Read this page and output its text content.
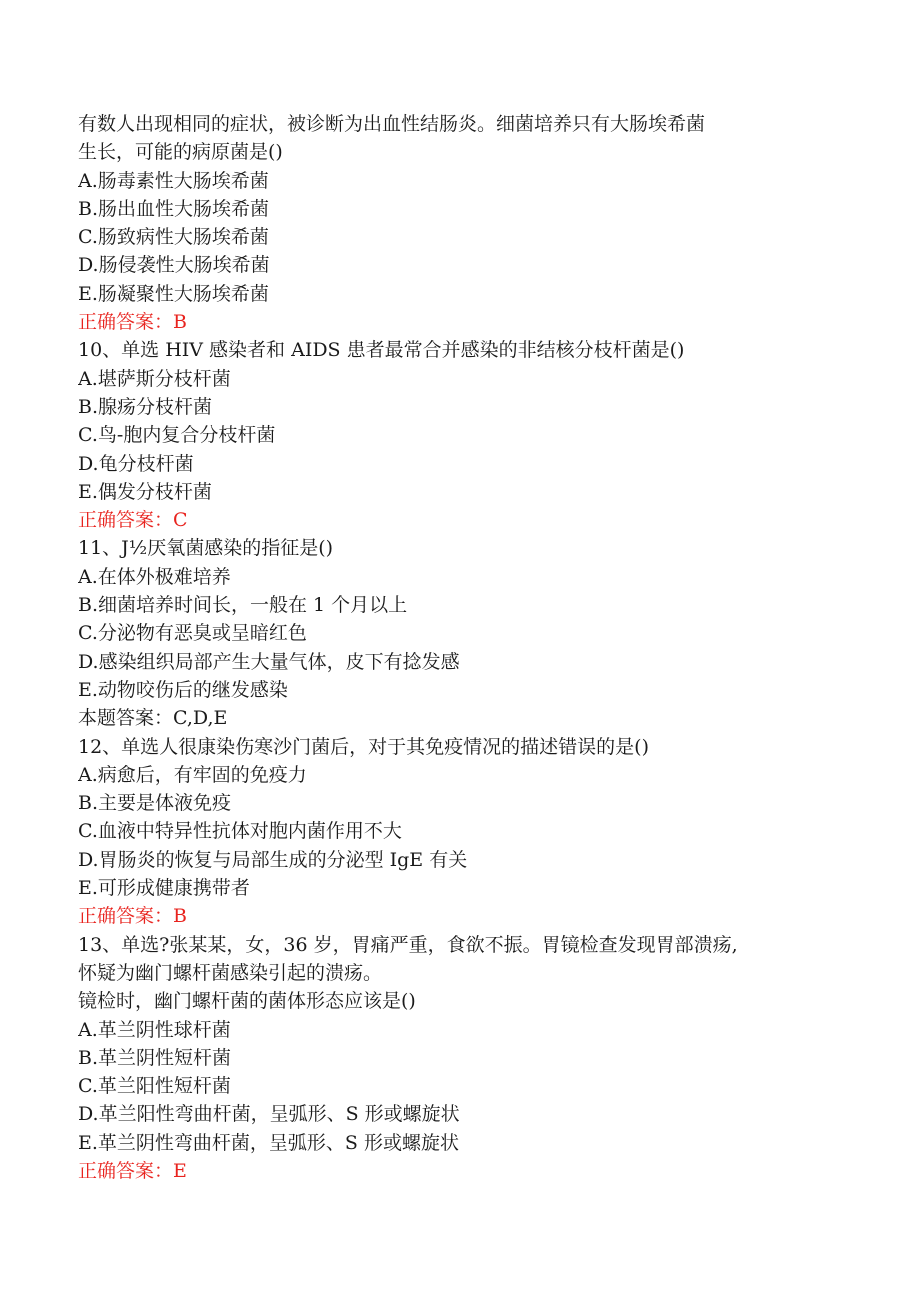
有数人出现相同的症状，被诊断为出血性结肠炎。细菌培养只有大肠埃希菌
生长，可能的病原菌是()
A.肠毒素性大肠埃希菌
B.肠出血性大肠埃希菌
C.肠致病性大肠埃希菌
D.肠侵袭性大肠埃希菌
E.肠凝聚性大肠埃希菌
正确答案：B
10、单选 HIV 感染者和 AIDS 患者最常合并感染的非结核分枝杆菌是()
A.堪萨斯分枝杆菌
B.腺疡分枝杆菌
C.鸟-胞内复合分枝杆菌
D.龟分枝杆菌
E.偶发分枝杆菌
正确答案：C
11、J½厌氧菌感染的指征是()
A.在体外极难培养
B.细菌培养时间长，一般在 1 个月以上
C.分泌物有恶臭或呈暗红色
D.感染组织局部产生大量气体，皮下有捻发感
E.动物咬伤后的继发感染
本题答案：C,D,E
12、单选人很康染伤寒沙门菌后，对于其免疫情况的描述错误的是()
A.病愈后，有牢固的免疫力
B.主要是体液免疫
C.血液中特异性抗体对胞内菌作用不大
D.胃肠炎的恢复与局部生成的分泌型 IgE 有关
E.可形成健康携带者
正确答案：B
13、单选?张某某，女，36 岁，胃痛严重，食欲不振。胃镜检查发现胃部溃疡,
怀疑为幽门螺杆菌感染引起的溃疡。
镜检时，幽门螺杆菌的菌体形态应该是()
A.革兰阴性球杆菌
B.革兰阴性短杆菌
C.革兰阳性短杆菌
D.革兰阳性弯曲杆菌，呈弧形、S 形或螺旋状
E.革兰阴性弯曲杆菌，呈弧形、S 形或螺旋状
正确答案：E
